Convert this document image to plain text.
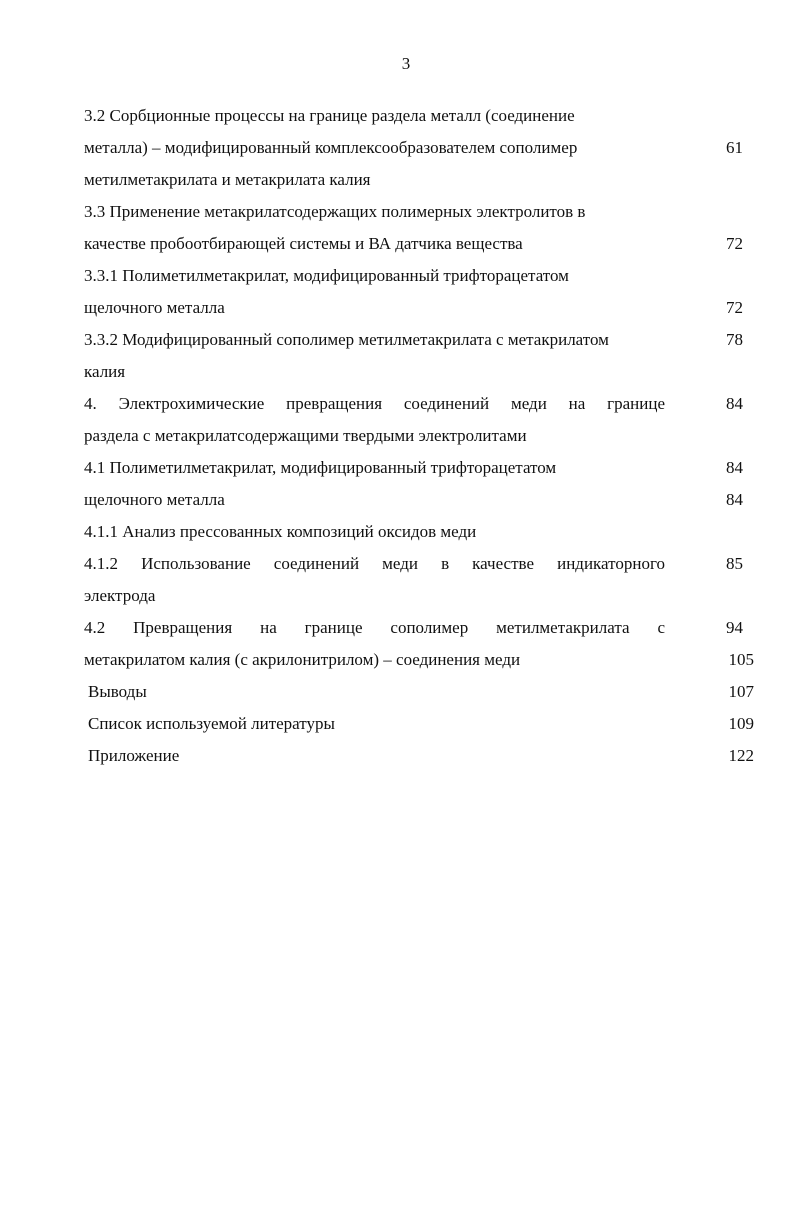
3
3.2 Сорбционные процессы на границе раздела металл (соединение
металла) – модифицированный комплексообразователем сополимер	61
метилметакрилата и метакрилата калия
3.3 Применение метакрилатсодержащих полимерных электролитов в
качестве пробоотбирающей системы и ВА датчика вещества	72
3.3.1 Полиметилметакрилат, модифицированный трифторацетатом
щелочного металла	72
3.3.2 Модифицированный сополимер метилметакрилата с метакрилатом	78
калия
4. Электрохимические превращения соединений меди на границе	84
раздела с метакрилатсодержащими твердыми электролитами
4.1 Полиметилметакрилат, модифицированный трифторацетатом	84
щелочного металла	84
4.1.1 Анализ прессованных композиций оксидов меди
4.1.2 Использование соединений меди в качестве индикаторного	85
электрода
4.2 Превращения на границе сополимер метилметакрилата с	94
метакрилатом калия (с акрилонитрилом) – соединения меди	105
Выводы	107
Список используемой литературы	109
Приложение	122
